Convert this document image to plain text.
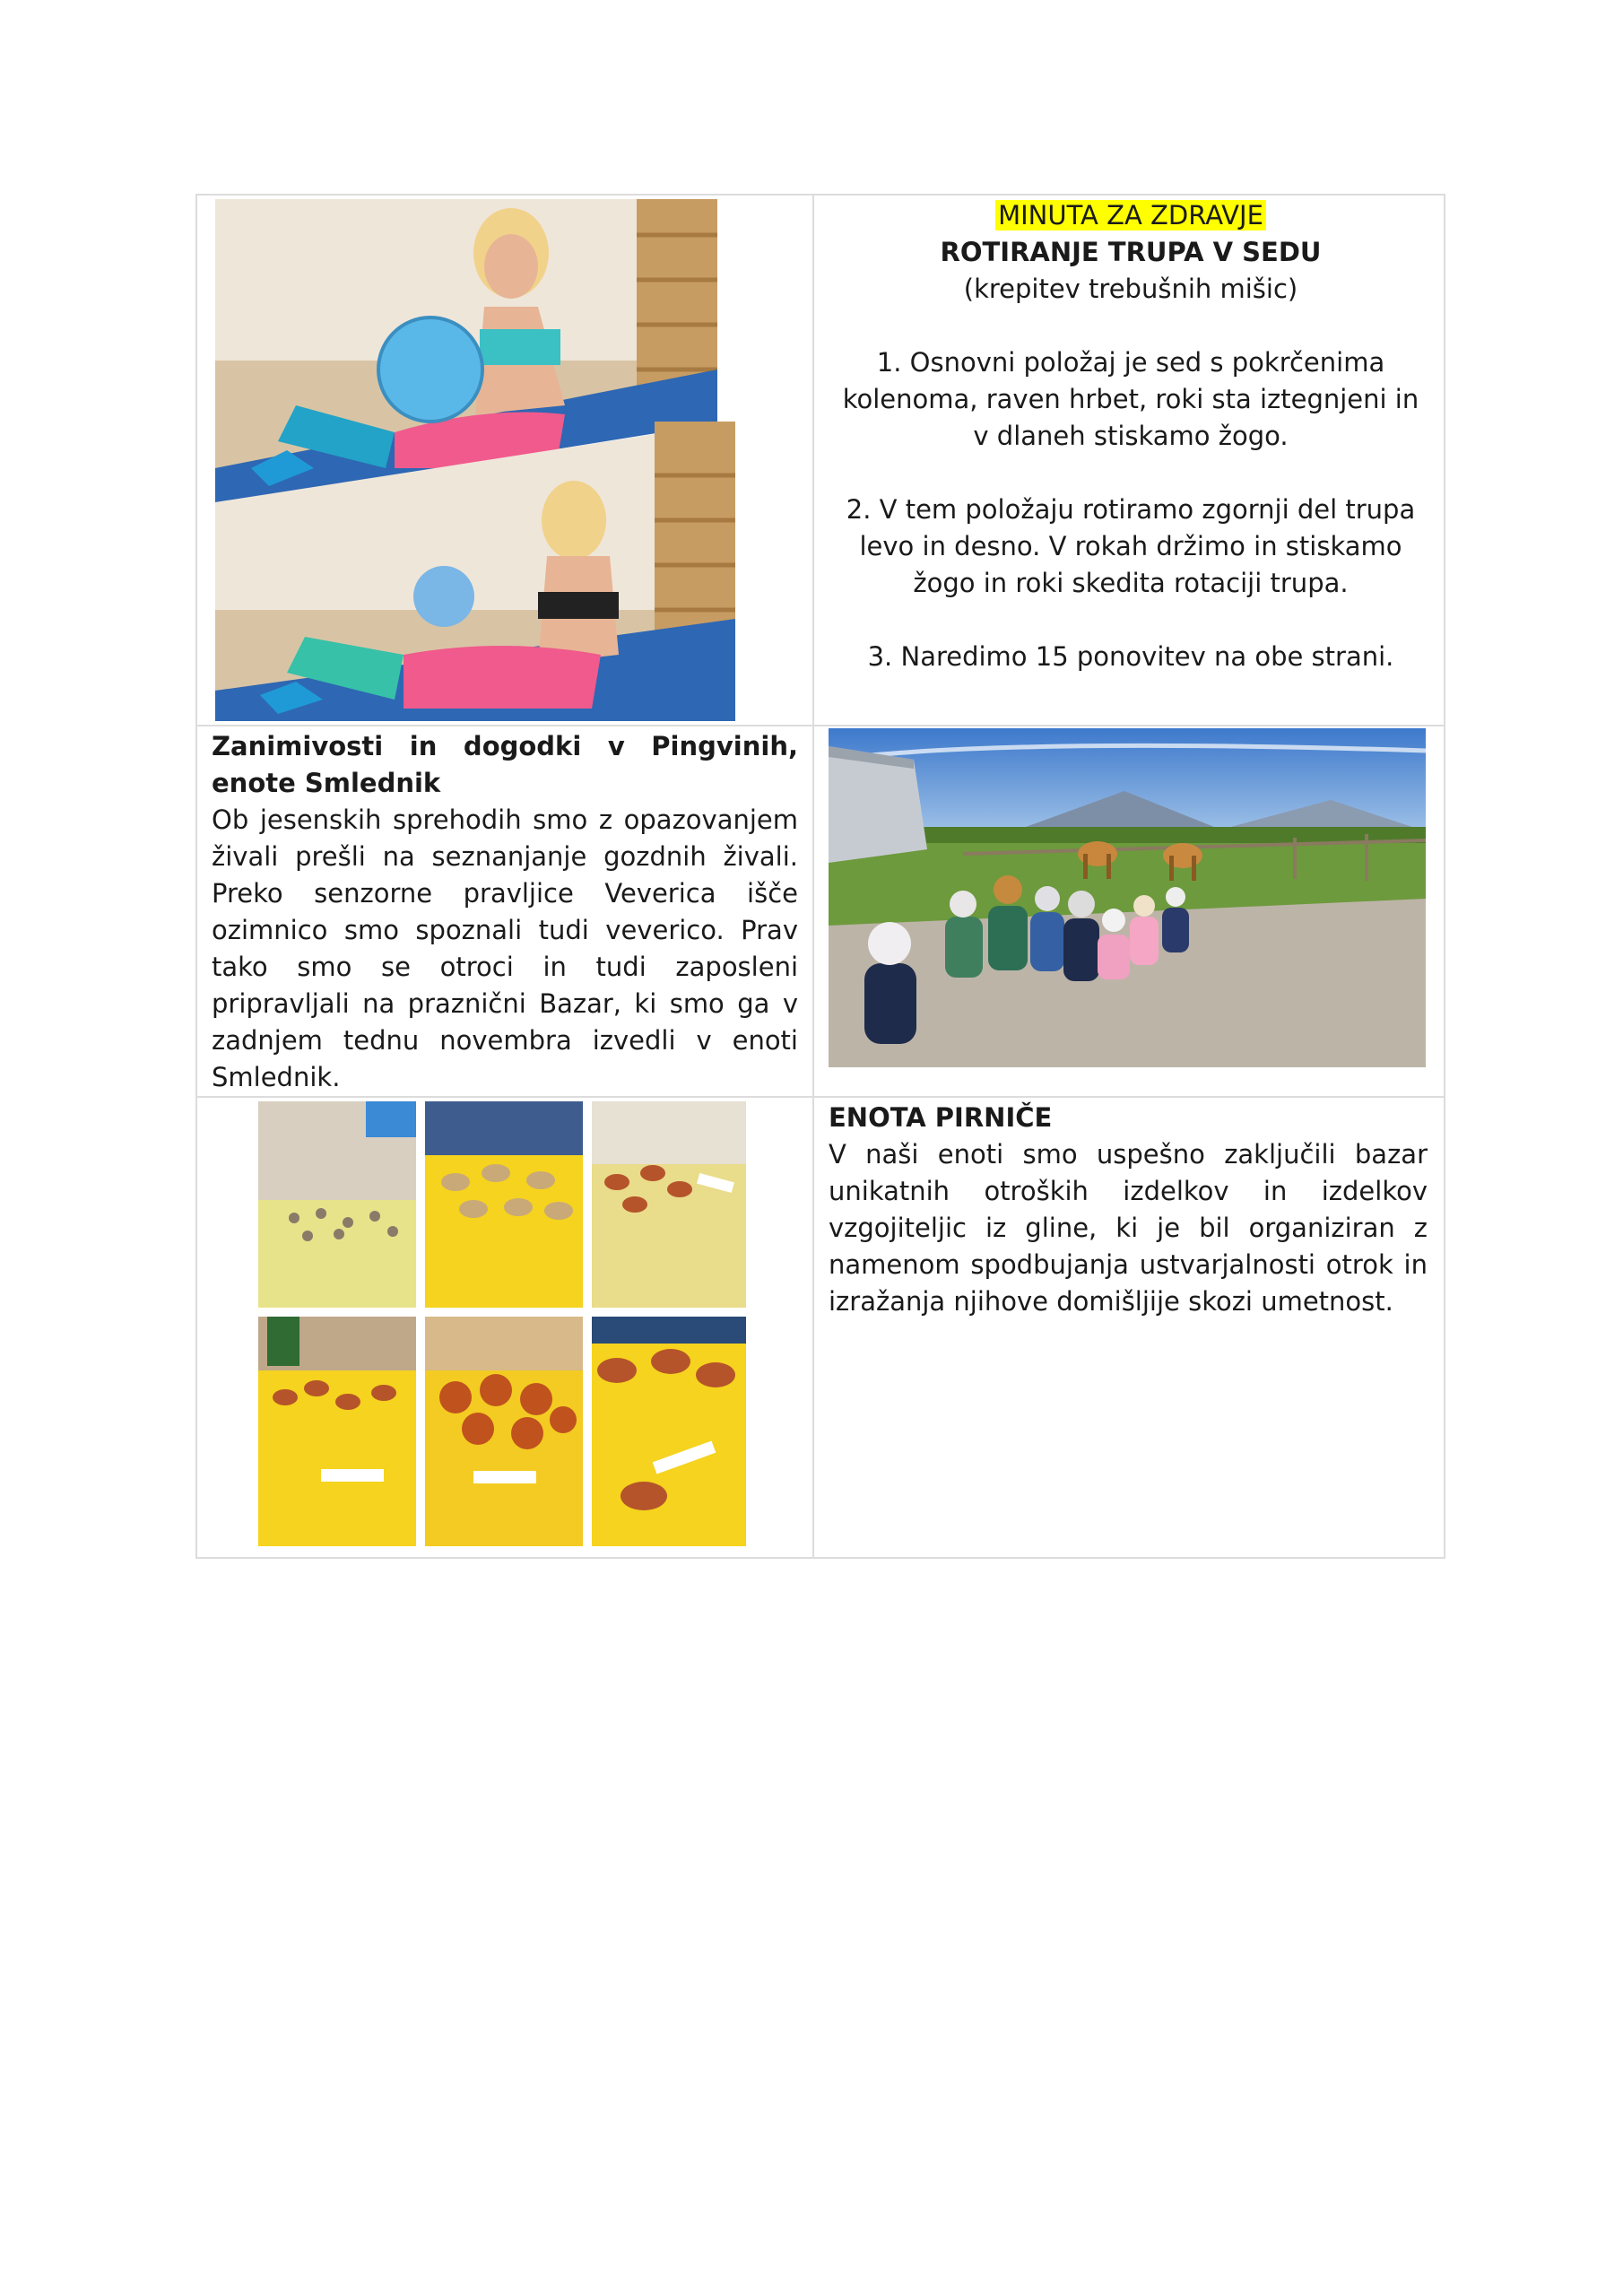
MINUTA ZA ZDRAVJE
ROTIRANJE TRUPA V SEDU
(krepitev trebušnih mišic)
1. Osnovni položaj je sed s pokrčenima kolenoma, raven hrbet, roki sta iztegnjeni in v dlaneh stiskamo žogo.
2. V tem položaju rotiramo zgornji del trupa levo in desno. V rokah držimo in stiskamo žogo in roki skedita rotaciji trupa.
3. Naredimo 15 ponovitev na obe strani.
Zanimivosti in dogodki v Pingvinih, enote Smlednik
Ob jesenskih sprehodih smo z opazovanjem živali prešli na seznanjanje gozdnih živali. Preko senzorne pravljice Veverica išče ozimnico smo spoznali tudi veverico. Prav tako smo se otroci in tudi zaposleni pripravljali na praznični Bazar, ki smo ga v zadnjem tednu novembra izvedli v enoti Smlednik.
ENOTA PIRNIČE
V naši enoti smo uspešno zaključili bazar unikatnih otroških izdelkov in izdelkov vzgojiteljic iz gline, ki je bil organiziran z namenom spodbujanja ustvarjalnosti otrok in izražanja njihove domišljije skozi umetnost.
